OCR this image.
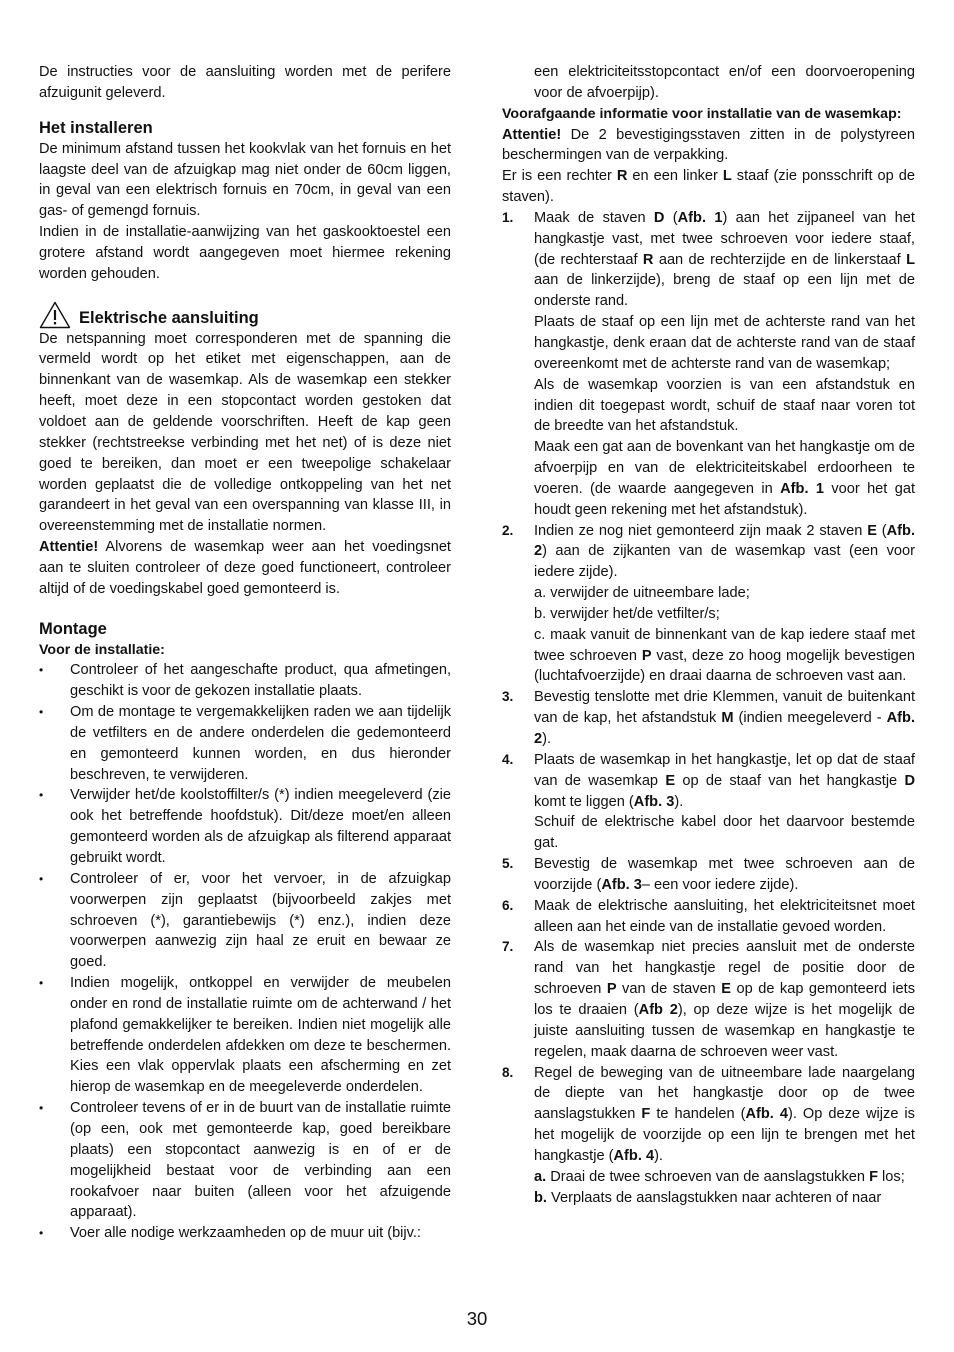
De instructies voor de aansluiting worden met de perifere afzuigunit geleverd.

Het installeren

De minimum afstand tussen het kookvlak van het fornuis en het laagste deel van de afzuigkap mag niet onder de 60cm liggen, in geval van een elektrisch fornuis en 70cm, in geval van een gas- of gemengd fornuis.

Indien in de installatie-aanwijzing van het gaskooktoestel een grotere afstand wordt aangegeven moet hiermee rekening worden gehouden.

Elektrische aansluiting

De netspanning moet corresponderen met de spanning die vermeld wordt op het etiket met eigenschappen, aan de binnenkant van de wasemkap. Als de wasemkap een stekker heeft, moet deze in een stopcontact worden gestoken dat voldoet aan de geldende voorschriften. Heeft de kap geen stekker (rechtstreekse verbinding met het net) of is deze niet goed te bereiken, dan moet er een tweepolige schakelaar worden geplaatst die de volledige ontkoppeling van het net garandeert in het geval van een overspanning van klasse III, in overeenstemming met de installatie normen.

Attentie! Alvorens de wasemkap weer aan het voedingsnet aan te sluiten controleer of deze goed functioneert, controleer altijd of de voedingskabel goed gemonteerd is.

Montage

Voor de installatie:

• Controleer of het aangeschafte product, qua afmetingen, geschikt is voor de gekozen installatie plaats.
• Om de montage te vergemakkelijken raden we aan tijdelijk de vetfilters en de andere onderdelen die gedemonteerd en gemonteerd kunnen worden, en dus hieronder beschreven, te verwijderen.
• Verwijder het/de koolstoffilter/s (*) indien meegeleverd (zie ook het betreffende hoofdstuk). Dit/deze moet/en alleen gemonteerd worden als de afzuigkap als filterend apparaat gebruikt wordt.
• Controleer of er, voor het vervoer, in de afzuigkap voorwerpen zijn geplaatst (bijvoorbeeld zakjes met schroeven (*), garantiebewijs (*) enz.), indien deze voorwerpen aanwezig zijn haal ze eruit en bewaar ze goed.
• Indien mogelijk, ontkoppel en verwijder de meubelen onder en rond de installatie ruimte om de achterwand / het plafond gemakkelijker te bereiken. Indien niet mogelijk alle betreffende onderdelen afdekken om deze te beschermen. Kies een vlak oppervlak plaats een afscherming en zet hierop de wasemkap en de meegeleverde onderdelen.
• Controleer tevens of er in de buurt van de installatie ruimte (op een, ook met gemonteerde kap, goed bereikbare plaats) een stopcontact aanwezig is en of er de mogelijkheid bestaat voor de verbinding aan een rookafvoer naar buiten (alleen voor het afzuigende apparaat).
• Voer alle nodige werkzaamheden op de muur uit (bijv.:

een elektriciteitsstopcontact en/of een doorvoeropening voor de afvoerpijp).

Voorafgaande informatie voor installatie van de wasemkap:

Attentie! De 2 bevestigingsstaven zitten in de polystyreen beschermingen van de verpakking.

Er is een rechter R en een linker L staaf (zie ponsschrift op de staven).

1. Maak de staven D (Afb. 1) aan het zijpaneel van het hangkastje vast, met twee schroeven voor iedere staaf, (de rechterstaaf R aan de rechterzijde en de linkerstaaf L aan de linkerzijde), breng de staaf op een lijn met de onderste rand.
Plaats de staaf op een lijn met de achterste rand van het hangkastje, denk eraan dat de achterste rand van de staaf overeenkomt met de achterste rand van de wasemkap;
Als de wasemkap voorzien is van een afstandstuk en indien dit toegepast wordt, schuif de staaf naar voren tot de breedte van het afstandstuk.
Maak een gat aan de bovenkant van het hangkastje om de afvoerpijp en van de elektriciteitskabel erdoorheen te voeren. (de waarde aangegeven in Afb. 1 voor het gat houdt geen rekening met het afstandstuk).
2. Indien ze nog niet gemonteerd zijn maak 2 staven E (Afb. 2) aan de zijkanten van de wasemkap vast (een voor iedere zijde).
a. verwijder de uitneembare lade;
b. verwijder het/de vetfilter/s;
c. maak vanuit de binnenkant van de kap iedere staaf met twee schroeven P vast, deze zo hoog mogelijk bevestigen (luchtafvoerzijde) en draai daarna de schroeven vast aan.
3. Bevestig tenslotte met drie Klemmen, vanuit de buitenkant van de kap, het afstandstuk M (indien meegeleverd - Afb. 2).
4. Plaats de wasemkap in het hangkastje, let op dat de staaf van de wasemkap E op de staaf van het hangkastje D komt te liggen (Afb. 3).
Schuif de elektrische kabel door het daarvoor bestemde gat.
5. Bevestig de wasemkap met twee schroeven aan de voorzijde (Afb. 3– een voor iedere zijde).
6. Maak de elektrische aansluiting, het elektriciteitsnet moet alleen aan het einde van de installatie gevoed worden.
7. Als de wasemkap niet precies aansluit met de onderste rand van het hangkastje regel de positie door de schroeven P van de staven E op de kap gemonteerd iets los te draaien (Afb 2), op deze wijze is het mogelijk de juiste aansluiting tussen de wasemkap en hangkastje te regelen, maak daarna de schroeven weer vast.
8. Regel de beweging van de uitneembare lade naargelang de diepte van het hangkastje door op de twee aanslagstukken F te handelen (Afb. 4). Op deze wijze is het mogelijk de voorzijde op een lijn te brengen met het hangkastje (Afb. 4).
a. Draai de twee schroeven van de aanslagstukken F los;
b. Verplaats de aanslagstukken naar achteren of naar
30
